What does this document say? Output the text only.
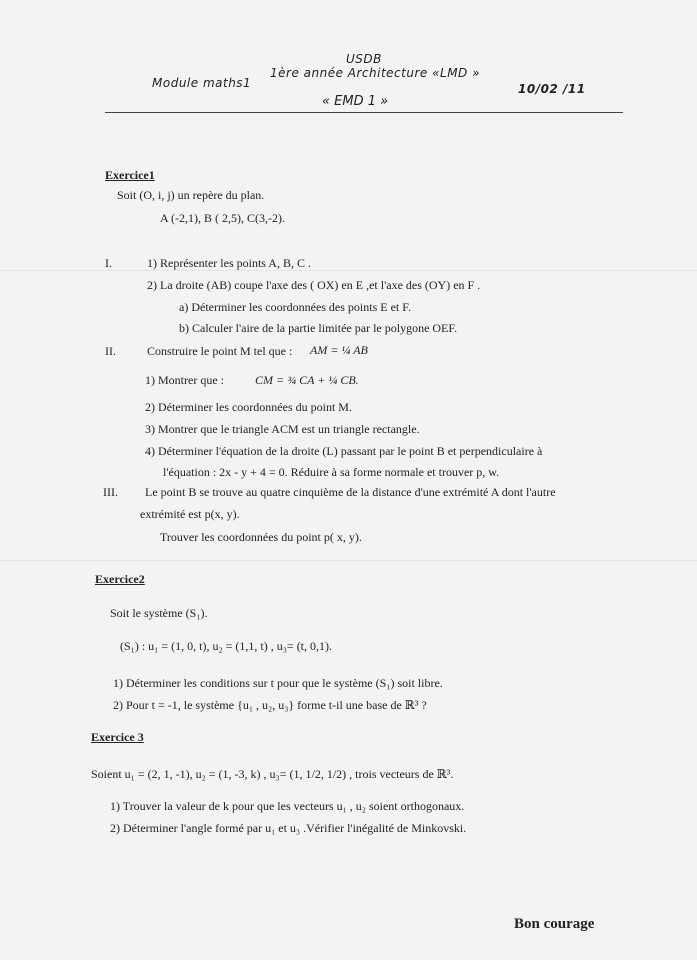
USDB
1ère année Architecture «LMD »
Module maths1	10/02 /11
« EMD 1 »
Exercice1
Soit (O, i, j) un repère du plan.
A (-2,1), B ( 2,5), C(3,-2).
I.	1) Représenter les points A, B, C .
2) La droite (AB) coupe l'axe des ( OX) en E ,et l'axe des (OY) en F .
a) Déterminer les coordonnées des points E et F.
b) Calculer l'aire de la partie limitée par le polygone OEF.
II.	Construire le point M tel que : AM = ¼ AB
1) Montrer que :	CM = ¾ CA + ¼ CB.
2) Déterminer les coordonnées du point M.
3) Montrer que le triangle ACM est un triangle rectangle.
4) Déterminer l'équation de la droite (L) passant par le point B et perpendiculaire à
l'équation : 2x - y + 4 = 0. Réduire à sa forme normale et trouver p, w.
III. Le point B se trouve au quatre cinquième de la distance d'une extrémité A dont l'autre
extrémité est p(x, y).
Trouver les coordonnées du point p( x, y).
Exercice2
Soit le système (S₁).
(S₁) : u₁ = (1, 0, t), u₂ = (1,1, t) , u₃= (t, 0,1).
1) Déterminer les conditions sur t pour que le système (S₁) soit libre.
2) Pour t = -1, le système {u₁ , u₂, u₃} forme t-il une base de ℝ³ ?
Exercice 3
Soient u₁ = (2, 1, -1), u₂ = (1, -3, k) , u₃= (1, 1/2, 1/2) , trois vecteurs de ℝ³.
1) Trouver la valeur de k pour que les vecteurs u₁ , u₂ soient orthogonaux.
2) Déterminer l'angle formé par u₁ et u₃ .Vérifier l'inégalité de Minkovski.
Bon courage
